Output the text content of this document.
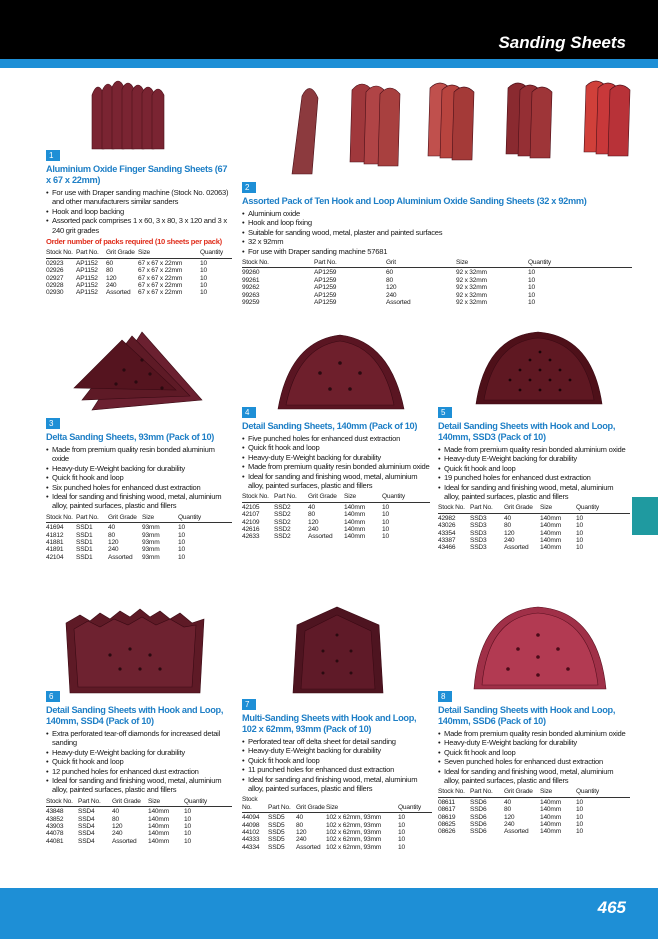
Sanding Sheets
1
Aluminium Oxide Finger Sanding Sheets (67 x 67 x 22mm)
• For use with Draper sanding machine (Stock No. 02063) and other manufacturers similar sanders
• Hook and loop backing
• Assorted pack comprises 1 x 60, 3 x 80, 3 x 120 and 3 x 240 grit grades
Order number of packs required (10 sheets per pack)
Stock No.	Part No.	Grit Grade	Size	Quantity
02923	AP1152	60	67 x 67 x 22mm	10
02926	AP1152	80	67 x 67 x 22mm	10
02927	AP1152	120	67 x 67 x 22mm	10
02928	AP1152	240	67 x 67 x 22mm	10
02930	AP1152	Assorted	67 x 67 x 22mm	10
2
Assorted Pack of Ten Hook and Loop Aluminium Oxide Sanding Sheets (32 x 92mm)
• Aluminium oxide
• Hook and loop fixing
• Suitable for sanding wood, metal, plaster and painted surfaces
• 32 x 92mm
• For use with Draper sanding machine 57681
Stock No.	Part No.	Grit	Size	Quantity
99260	AP1259	60	92 x 32mm	10
99261	AP1259	80	92 x 32mm	10
99262	AP1259	120	92 x 32mm	10
99263	AP1259	240	92 x 32mm	10
99259	AP1259	Assorted	92 x 32mm	10
3
Delta Sanding Sheets, 93mm (Pack of 10)
• Made from premium quality resin bonded aluminium oxide
• Heavy-duty E-Weight backing for durability
• Quick fit hook and loop
• Six punched holes for enhanced dust extraction
• Ideal for sanding and finishing wood, metal, aluminium alloy, painted surfaces, plastic and fillers
Stock No.	Part No.	Grit Grade	Size	Quantity
41694	SSD1	40	93mm	10
41812	SSD1	80	93mm	10
41881	SSD1	120	93mm	10
41891	SSD1	240	93mm	10
42104	SSD1	Assorted	93mm	10
4
Detail Sanding Sheets, 140mm (Pack of 10)
• Five punched holes for enhanced dust extraction
• Quick fit hook and loop
• Heavy-duty E-Weight backing for durability
• Made from premium quality resin bonded aluminium oxide
• Ideal for sanding and finishing wood, metal, aluminium alloy, painted surfaces, plastic and fillers
Stock No.	Part No.	Grit Grade	Size	Quantity
42105	SSD2	40	140mm	10
42107	SSD2	80	140mm	10
42109	SSD2	120	140mm	10
42616	SSD2	240	140mm	10
42633	SSD2	Assorted	140mm	10
5
Detail Sanding Sheets with Hook and Loop, 140mm, SSD3 (Pack of 10)
• Made from premium quality resin bonded aluminium oxide
• Heavy-duty E-Weight backing for durability
• Quick fit hook and loop
• 19 punched holes for enhanced dust extraction
• Ideal for sanding and finishing wood, metal, aluminium alloy, painted surfaces, plastic and fillers
Stock No.	Part No.	Grit Grade	Size	Quantity
42982	SSD3	40	140mm	10
43026	SSD3	80	140mm	10
43354	SSD3	120	140mm	10
43387	SSD3	240	140mm	10
43466	SSD3	Assorted	140mm	10
6
Detail Sanding Sheets with Hook and Loop, 140mm, SSD4 (Pack of 10)
• Extra perforated tear-off diamonds for increased detail sanding
• Heavy-duty E-Weight backing for durability
• Quick fit hook and loop
• 12 punched holes for enhanced dust extraction
• Ideal for sanding and finishing wood, metal, aluminium alloy, painted surfaces, plastic and fillers
Stock No.	Part No.	Grit Grade	Size	Quantity
43848	SSD4	40	140mm	10
43852	SSD4	80	140mm	10
43903	SSD4	120	140mm	10
44078	SSD4	240	140mm	10
44081	SSD4	Assorted	140mm	10
7
Multi-Sanding Sheets with Hook and Loop, 102 x 62mm, 93mm (Pack of 10)
• Perforated tear off delta sheet for detail sanding
• Heavy-duty E-Weight backing for durability
• Quick fit hook and loop
• 11 punched holes for enhanced dust extraction
• Ideal for sanding and finishing wood, metal, aluminium alloy, painted surfaces, plastic and fillers
Stock No.	Part No.	Grit Grade	Size	Quantity
44094	SSD5	40	102 x 62mm, 93mm	10
44098	SSD5	80	102 x 62mm, 93mm	10
44102	SSD5	120	102 x 62mm, 93mm	10
44333	SSD5	240	102 x 62mm, 93mm	10
44334	SSD5	Assorted	102 x 62mm, 93mm	10
8
Detail Sanding Sheets with Hook and Loop, 140mm, SSD6 (Pack of 10)
• Made from premium quality resin bonded aluminium oxide
• Heavy-duty E-Weight backing for durability
• Quick fit hook and loop
• Seven punched holes for enhanced dust extraction
• Ideal for sanding and finishing wood, metal, aluminium alloy, painted surfaces, plastic and fillers
Stock No.	Part No.	Grit Grade	Size	Quantity
08611	SSD6	40	140mm	10
08617	SSD6	80	140mm	10
08619	SSD6	120	140mm	10
08625	SSD6	240	140mm	10
08626	SSD6	Assorted	140mm	10
465
